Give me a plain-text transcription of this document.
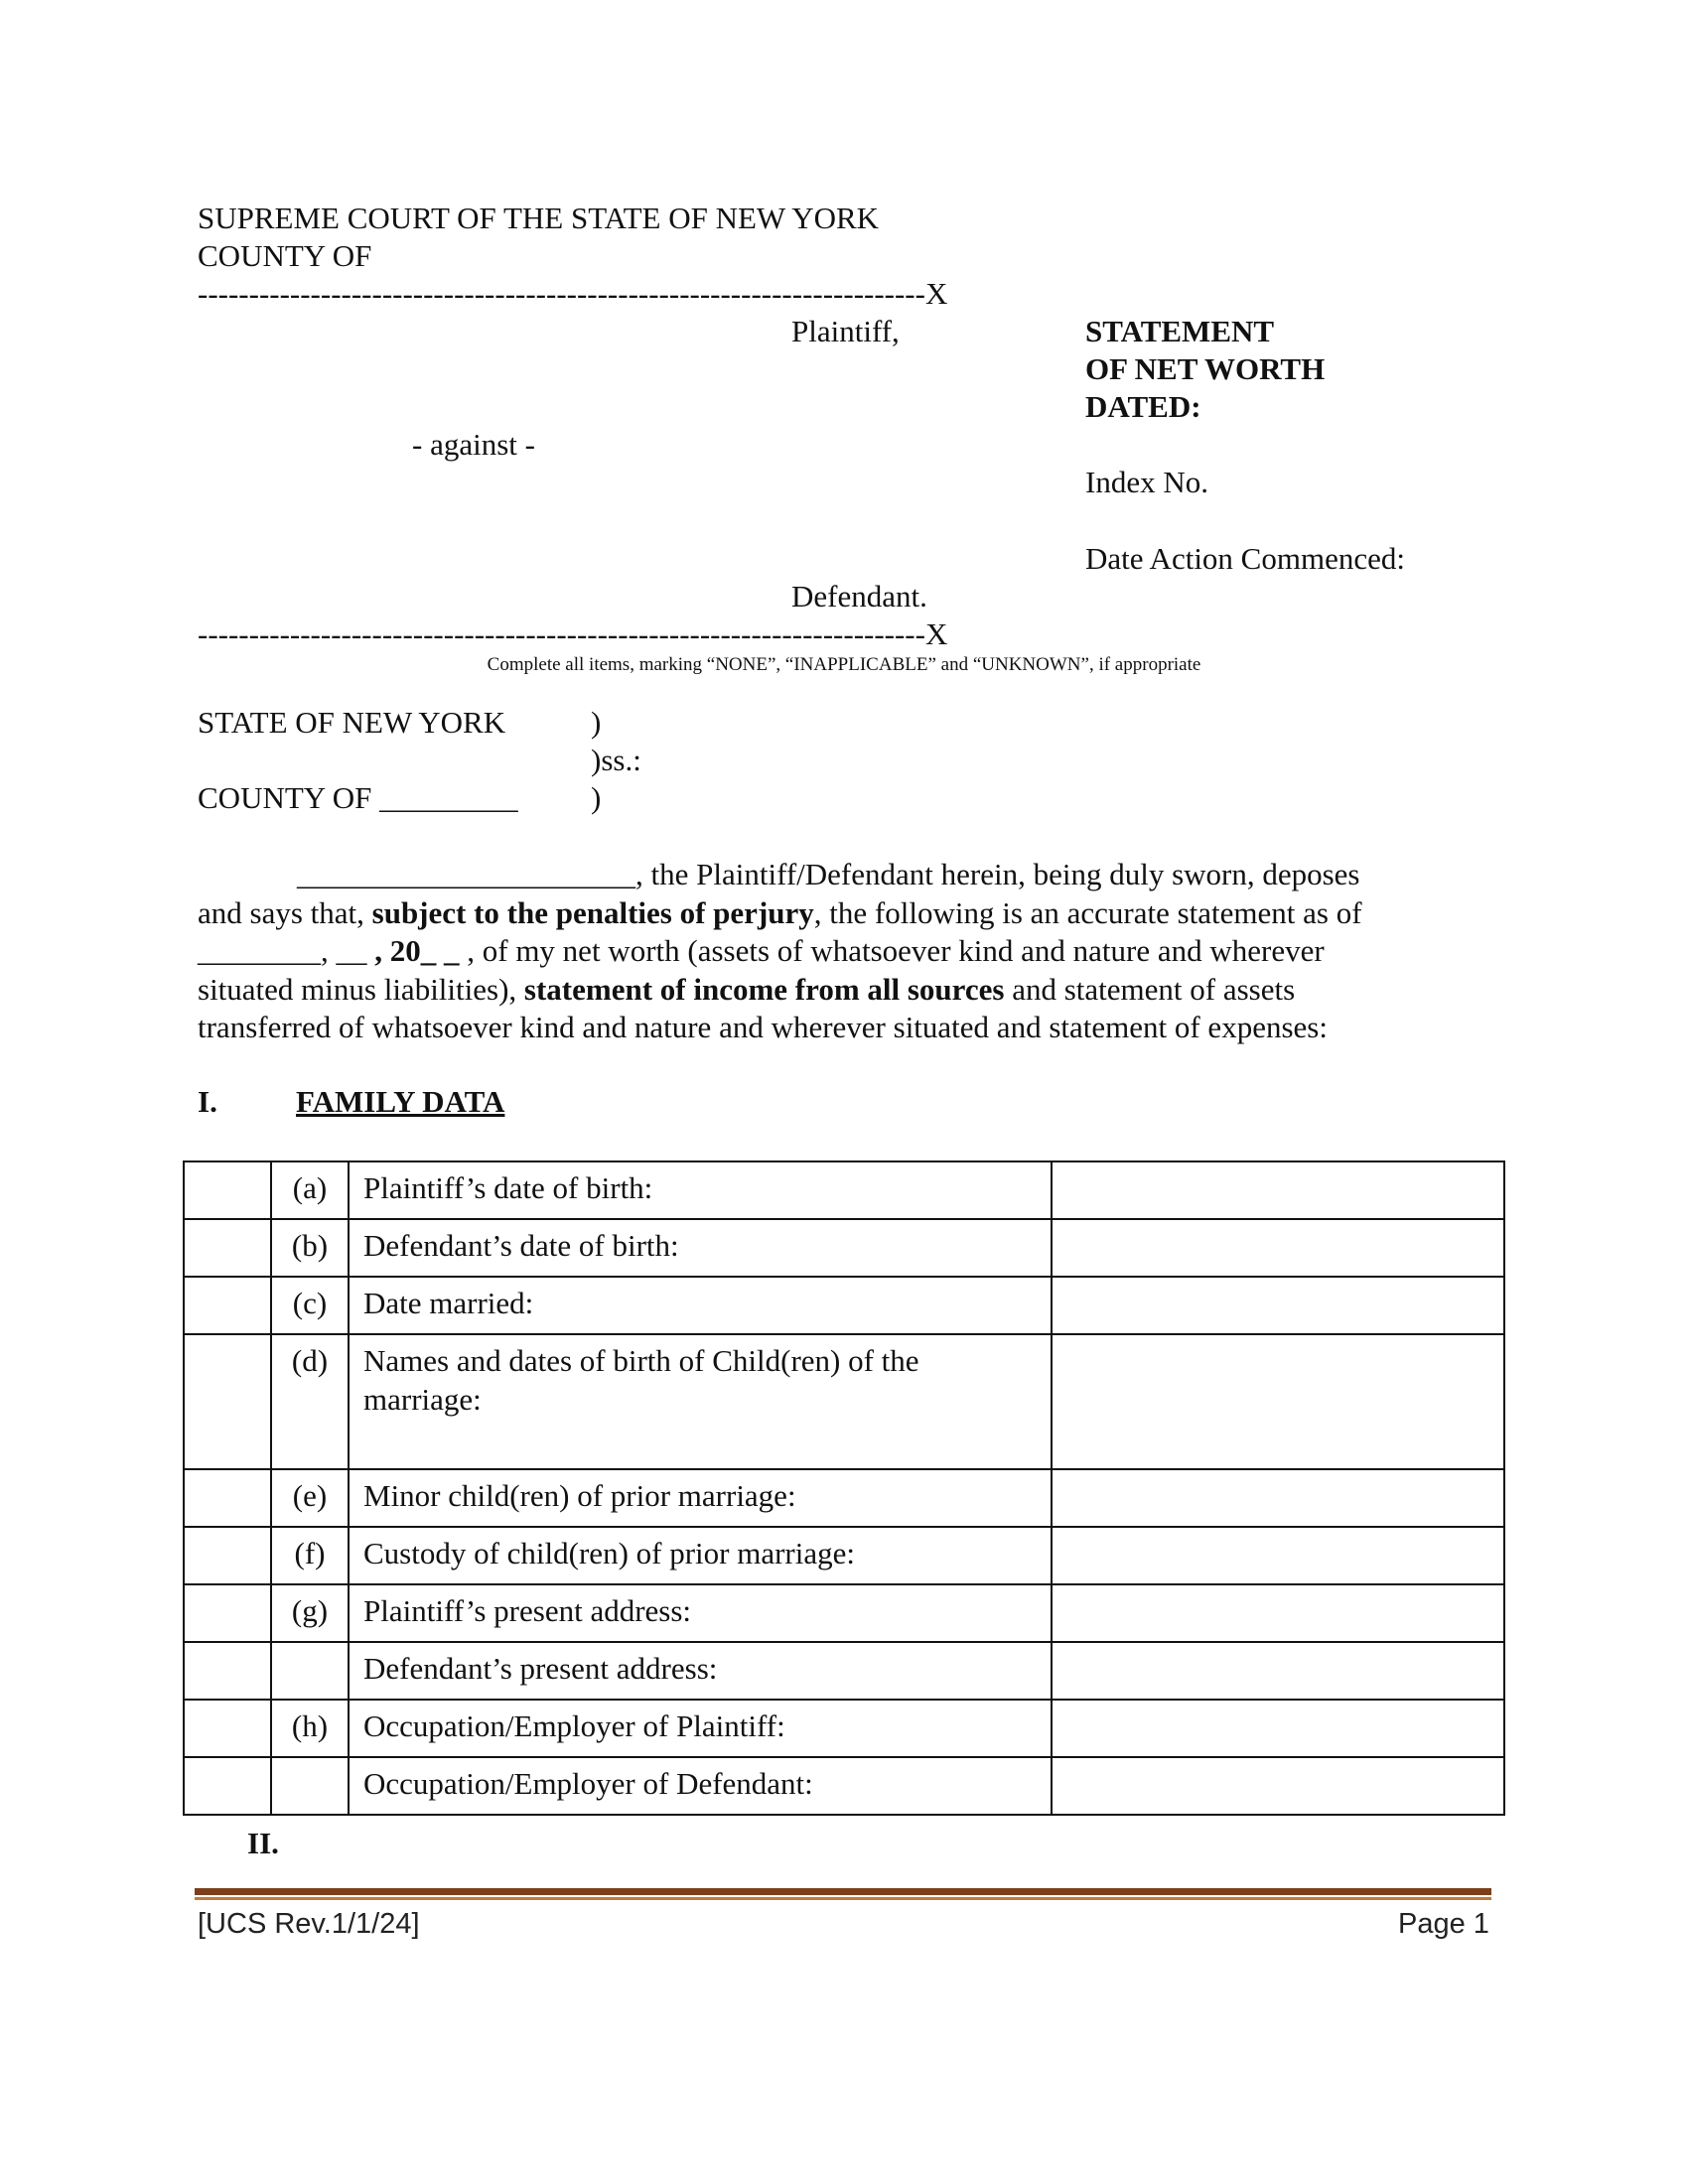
SUPREME COURT OF THE STATE OF NEW YORK
COUNTY OF
-----------------------------------------------------------------------X
Plaintiff,
- against -
Defendant.
-----------------------------------------------------------------------X
STATEMENT
OF NET WORTH
DATED:
Index No.
Date Action Commenced:
Complete all items, marking “NONE”, “INAPPLICABLE” and “UNKNOWN”, if appropriate
STATE OF NEW YORK	)
)ss.:
COUNTY OF _________ )
______________________, the Plaintiff/Defendant herein, being duly sworn, deposes
and says that, subject to the penalties of perjury, the following is an accurate statement as of
________, __ , 20_ _ , of my net worth (assets of whatsoever kind and nature and wherever
situated minus liabilities), statement of income from all sources and statement of assets
transferred of whatsoever kind and nature and wherever situated and statement of expenses:
I.	FAMILY DATA
	(a)	Plaintiff’s date of birth:	
	(b)	Defendant’s date of birth:	
	(c)	Date married:	
	(d)	Names and dates of birth of Child(ren) of the marriage:	
	(e)	Minor child(ren) of prior marriage:	
	(f)	Custody of child(ren) of prior marriage:	
	(g)	Plaintiff’s present address:	
		Defendant’s present address:	
	(h)	Occupation/Employer of Plaintiff:	
		Occupation/Employer of Defendant:	
II.
[UCS Rev.1/1/24]	Page 1
